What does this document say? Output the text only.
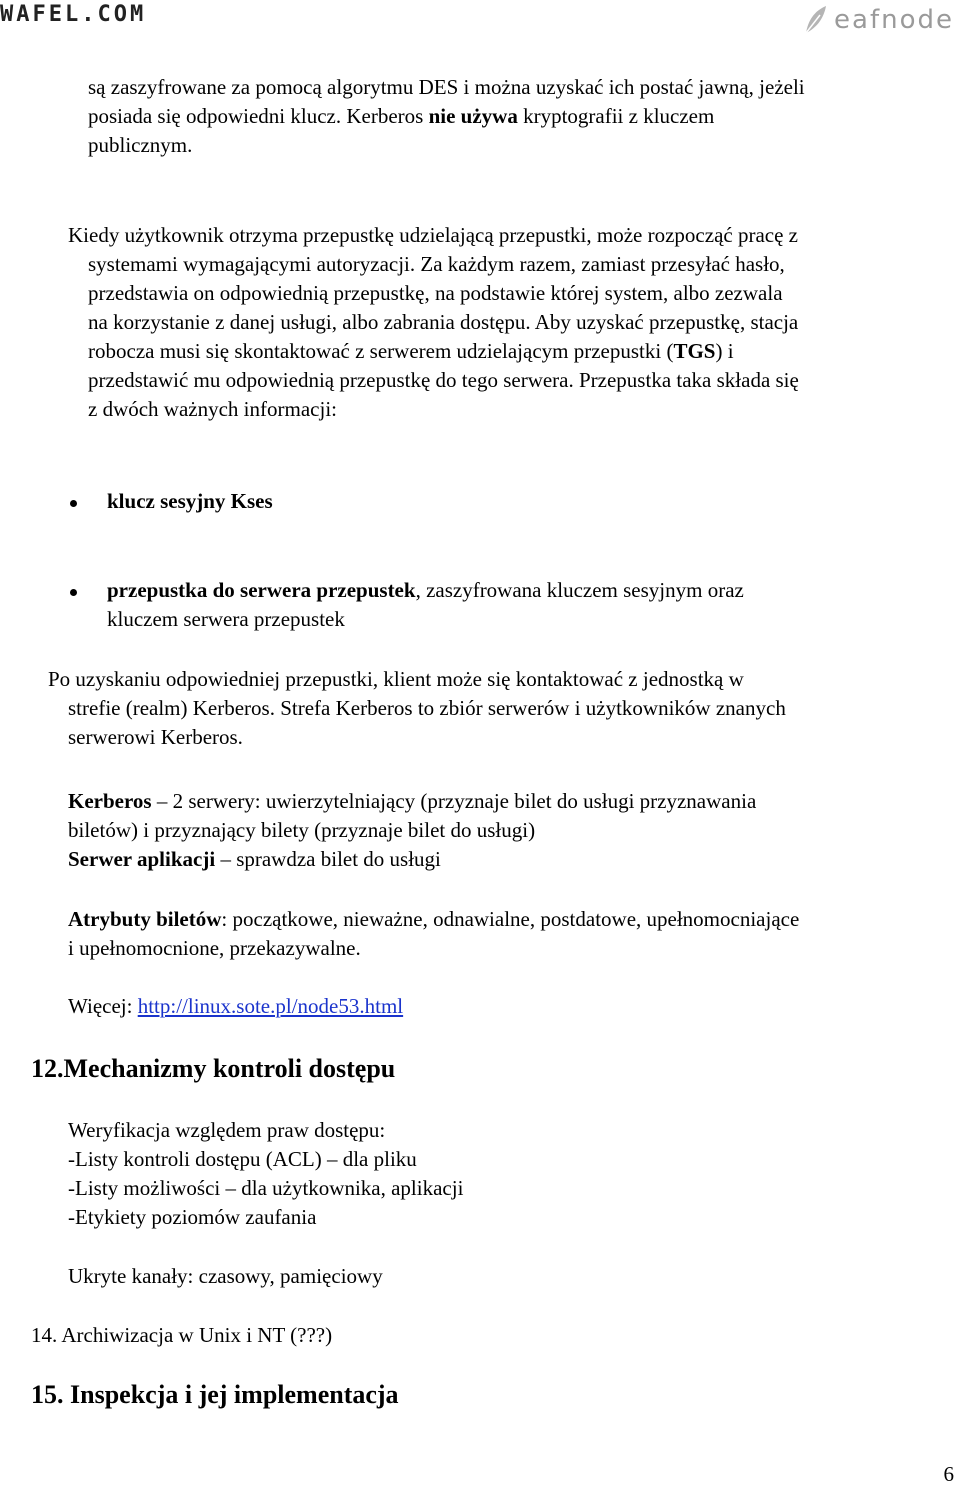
WAFEL.COM	eafnode

są zaszyfrowane za pomocą algorytmu DES i można uzyskać ich postać jawną, jeżeli

posiada się odpowiedni klucz. Kerberos nie używa kryptografii z kluczem

publicznym.

Kiedy użytkownik otrzyma przepustkę udzielającą przepustki, może rozpocząć pracę z

systemami wymagającymi autoryzacji. Za każdym razem, zamiast przesyłać hasło,

przedstawia on odpowiednią przepustkę, na podstawie której system, albo zezwala

na korzystanie z danej usługi, albo zabrania dostępu. Aby uzyskać przepustkę, stacja

robocza musi się skontaktować z serwerem udzielającym przepustki (TGS) i

przedstawić mu odpowiednią przepustkę do tego serwera. Przepustka taka składa się

z dwóch ważnych informacji:

klucz sesyjny Kses

przepustka do serwera przepustek, zaszyfrowana kluczem sesyjnym oraz

kluczem serwera przepustek

Po uzyskaniu odpowiedniej przepustki, klient może się kontaktować z jednostką w

strefie (realm) Kerberos. Strefa Kerberos to zbiór serwerów i użytkowników znanych

serwerowi Kerberos.

Kerberos – 2 serwery: uwierzytelniający (przyznaje bilet do usługi przyznawania

biletów) i przyznający bilety (przyznaje bilet do usługi)

Serwer aplikacji – sprawdza bilet do usługi

Atrybuty biletów: początkowe, nieważne, odnawialne, postdatowe, upełnomocniające

i upełnomocnione, przekazywalne.

Więcej: http://linux.sote.pl/node53.html

12.Mechanizmy kontroli dostępu

Weryfikacja względem praw dostępu:

-Listy kontroli dostępu (ACL) – dla pliku

-Listy możliwości – dla użytkownika, aplikacji

-Etykiety poziomów zaufania

Ukryte kanały: czasowy, pamięciowy

14. Archiwizacja w Unix i NT (???)

15. Inspekcja i jej implementacja
6
